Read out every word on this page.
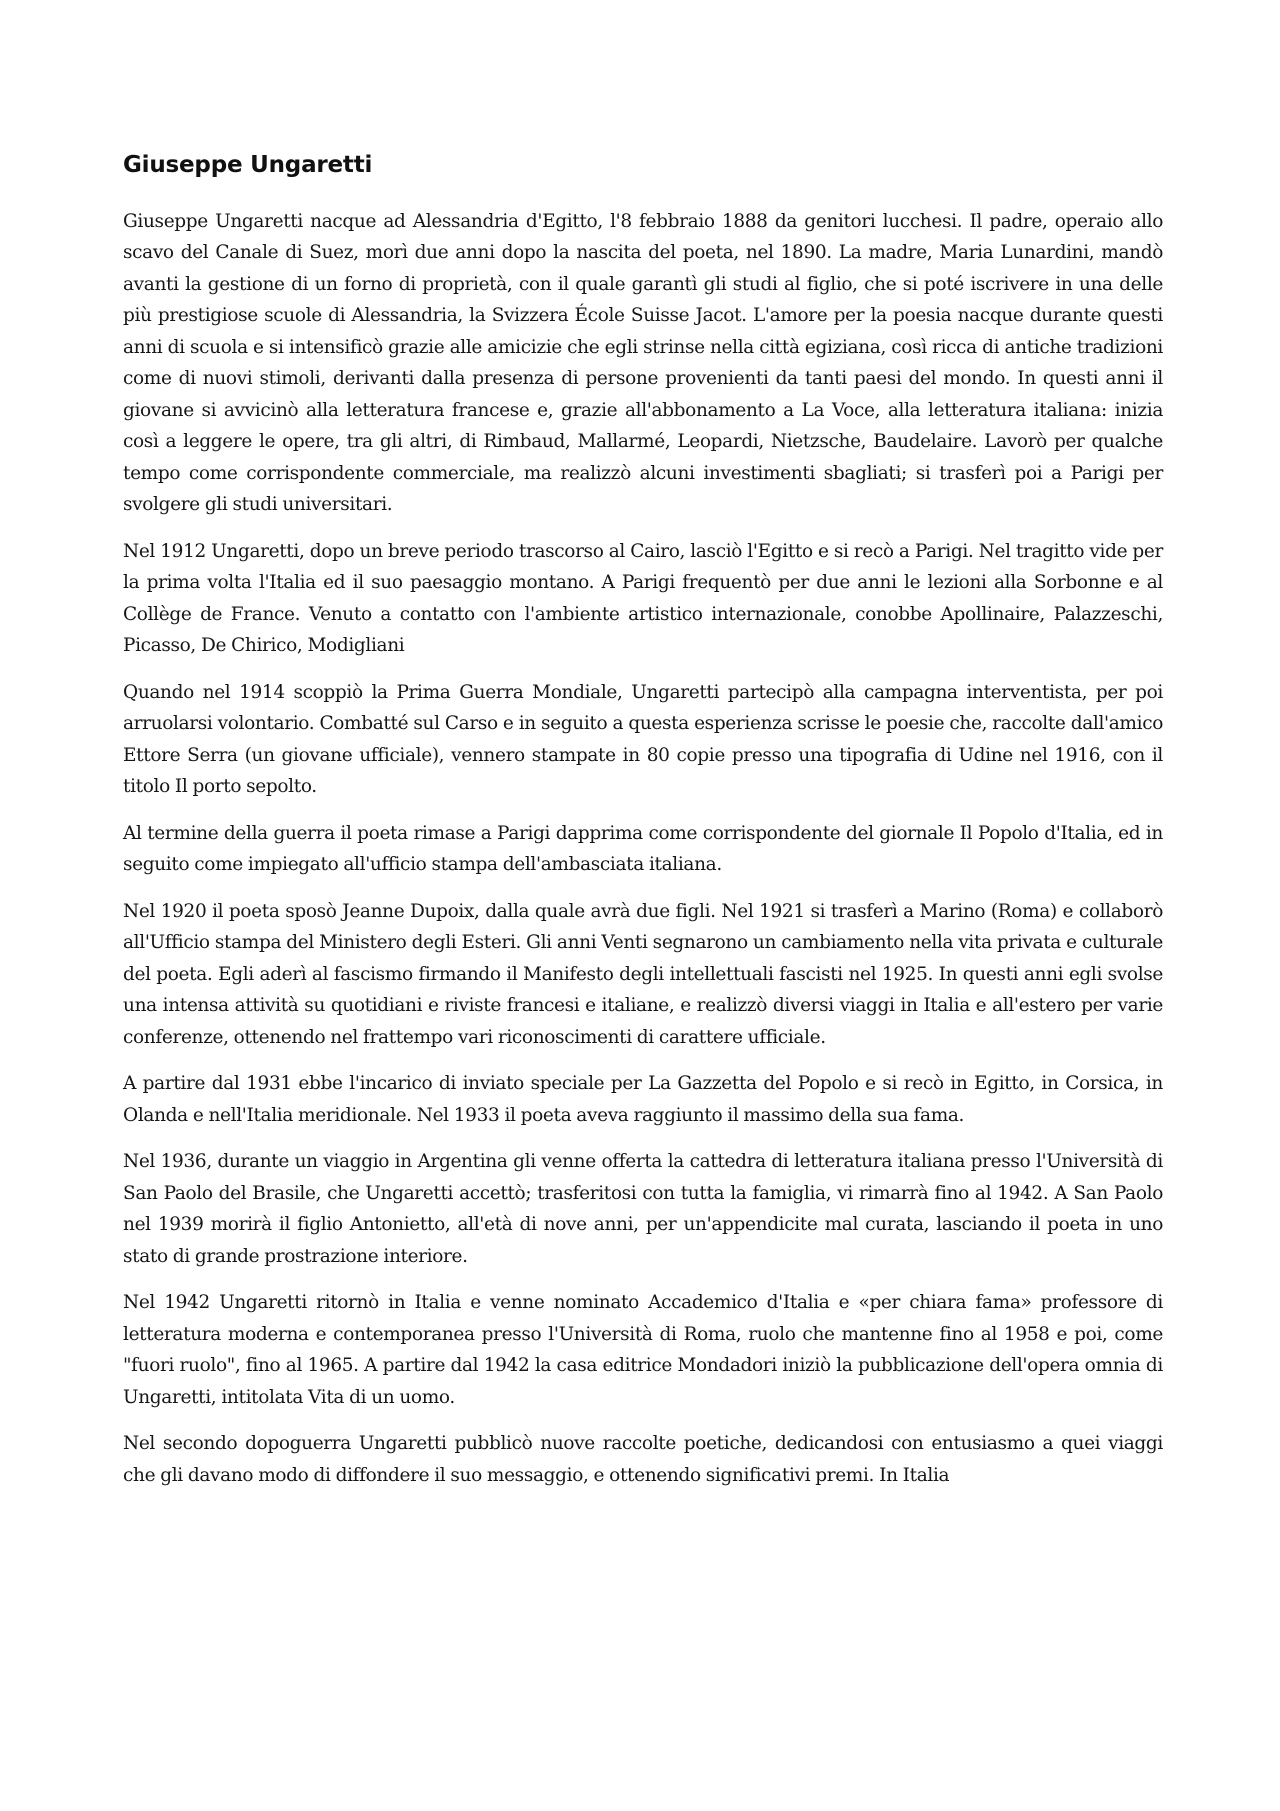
Giuseppe Ungaretti

Giuseppe Ungaretti nacque ad Alessandria d'Egitto, l'8 febbraio 1888 da genitori lucchesi. Il padre, operaio allo scavo del Canale di Suez, morì due anni dopo la nascita del poeta, nel 1890. La madre, Maria Lunardini, mandò avanti la gestione di un forno di proprietà, con il quale garantì gli studi al figlio, che si poté iscrivere in una delle più prestigiose scuole di Alessandria, la Svizzera École Suisse Jacot. L'amore per la poesia nacque durante questi anni di scuola e si intensificò grazie alle amicizie che egli strinse nella città egiziana, così ricca di antiche tradizioni come di nuovi stimoli, derivanti dalla presenza di persone provenienti da tanti paesi del mondo. In questi anni il giovane si avvicinò alla letteratura francese e, grazie all'abbonamento a La Voce, alla letteratura italiana: inizia così a leggere le opere, tra gli altri, di Rimbaud, Mallarmé, Leopardi, Nietzsche, Baudelaire. Lavorò per qualche tempo come corrispondente commerciale, ma realizzò alcuni investimenti sbagliati; si trasferì poi a Parigi per svolgere gli studi universitari.

Nel 1912 Ungaretti, dopo un breve periodo trascorso al Cairo, lasciò l'Egitto e si recò a Parigi. Nel tragitto vide per la prima volta l'Italia ed il suo paesaggio montano. A Parigi frequentò per due anni le lezioni alla Sorbonne e al Collège de France. Venuto a contatto con l'ambiente artistico internazionale, conobbe Apollinaire, Palazzeschi, Picasso, De Chirico, Modigliani

Quando nel 1914 scoppiò la Prima Guerra Mondiale, Ungaretti partecipò alla campagna interventista, per poi arruolarsi volontario. Combatté sul Carso e in seguito a questa esperienza scrisse le poesie che, raccolte dall'amico Ettore Serra (un giovane ufficiale), vennero stampate in 80 copie presso una tipografia di Udine nel 1916, con il titolo Il porto sepolto.

Al termine della guerra il poeta rimase a Parigi dapprima come corrispondente del giornale Il Popolo d'Italia, ed in seguito come impiegato all'ufficio stampa dell'ambasciata italiana.

Nel 1920 il poeta sposò Jeanne Dupoix, dalla quale avrà due figli. Nel 1921 si trasferì a Marino (Roma) e collaborò all'Ufficio stampa del Ministero degli Esteri. Gli anni Venti segnarono un cambiamento nella vita privata e culturale del poeta. Egli aderì al fascismo firmando il Manifesto degli intellettuali fascisti nel 1925. In questi anni egli svolse una intensa attività su quotidiani e riviste francesi e italiane, e realizzò diversi viaggi in Italia e all'estero per varie conferenze, ottenendo nel frattempo vari riconoscimenti di carattere ufficiale.

A partire dal 1931 ebbe l'incarico di inviato speciale per La Gazzetta del Popolo e si recò in Egitto, in Corsica, in Olanda e nell'Italia meridionale. Nel 1933 il poeta aveva raggiunto il massimo della sua fama.

Nel 1936, durante un viaggio in Argentina gli venne offerta la cattedra di letteratura italiana presso l'Università di San Paolo del Brasile, che Ungaretti accettò; trasferitosi con tutta la famiglia, vi rimarrà fino al 1942. A San Paolo nel 1939 morirà il figlio Antonietto, all'età di nove anni, per un'appendicite mal curata, lasciando il poeta in uno stato di grande prostrazione interiore.

Nel 1942 Ungaretti ritornò in Italia e venne nominato Accademico d'Italia e «per chiara fama» professore di letteratura moderna e contemporanea presso l'Università di Roma, ruolo che mantenne fino al 1958 e poi, come "fuori ruolo", fino al 1965. A partire dal 1942 la casa editrice Mondadori iniziò la pubblicazione dell'opera omnia di Ungaretti, intitolata Vita di un uomo.

Nel secondo dopoguerra Ungaretti pubblicò nuove raccolte poetiche, dedicandosi con entusiasmo a quei viaggi che gli davano modo di diffondere il suo messaggio, e ottenendo significativi premi. In Italia
